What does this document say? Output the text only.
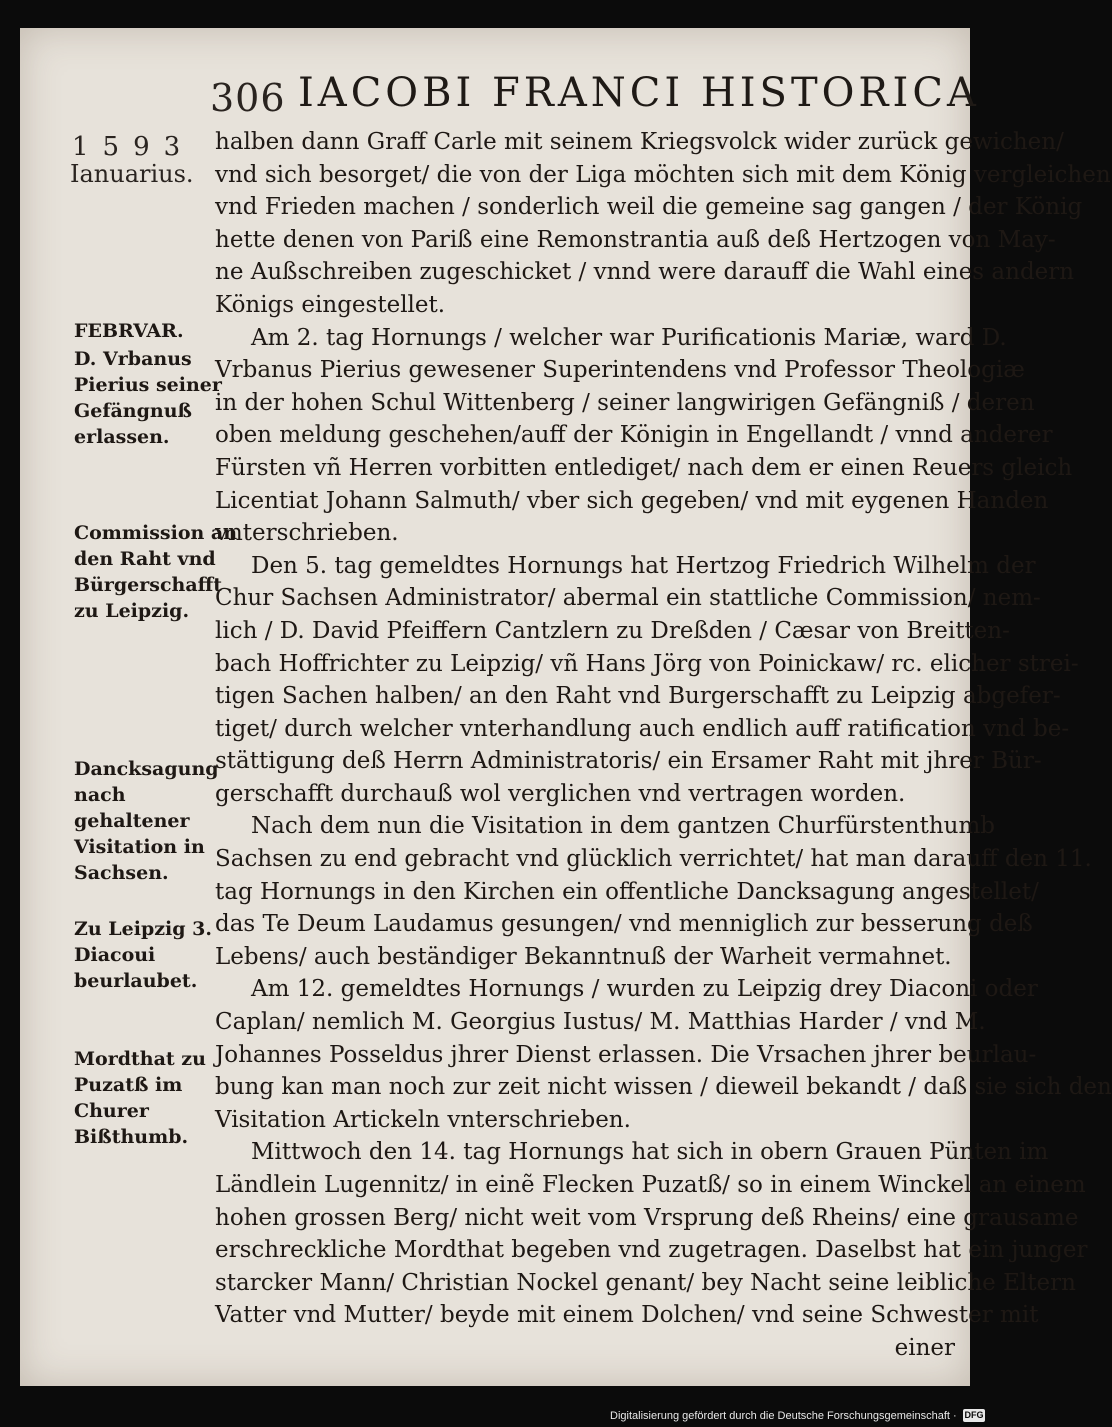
306 IACOBI FRANCI HISTORICA
1593
Ianuarius.
FEBRVAR.
D. Vrbanus Pierius seiner Gefängnuß erlassen.
Commission an den Raht vnd Bürgerschafft zu Leipzig.
Dancksagung nach gehaltener Visitation in Sachsen.
Zu Leipzig 3. Diacoui beurlaubet.
Mordthat zu Puzatß im Churer Bißthumb.
halben dann Graff Carle mit seinem Kriegsvolck wider zurück gewichen/
vnd sich besorget/ die von der Liga möchten sich mit dem König vergleichen
vnd Frieden machen / sonderlich weil die gemeine sag gangen / der König
hette denen von Pariß eine Remonstrantia auß deß Hertzogen von May-
ne Außschreiben zugeschicket / vnnd were darauff die Wahl eines andern
Königs eingestellet.
Am 2. tag Hornungs / welcher war Purificationis Mariæ, ward D.
Vrbanus Pierius gewesener Superintendens vnd Professor Theologiæ
in der hohen Schul Wittenberg / seiner langwirigen Gefängniß / deren
oben meldung geschehen/auff der Königin in Engellandt / vnnd anderer
Fürsten vñ Herren vorbitten entlediget/ nach dem er einen Reuers gleich
Licentiat Johann Salmuth/ vber sich gegeben/ vnd mit eygenen Handen
vnterschrieben.
Den 5. tag gemeldtes Hornungs hat Hertzog Friedrich Wilhelm der
Chur Sachsen Administrator/ abermal ein stattliche Commission/ nem-
lich / D. David Pfeiffern Cantzlern zu Dreßden / Cæsar von Breitten-
bach Hoffrichter zu Leipzig/ vñ Hans Jörg von Poinickaw/ rc. elicher strei-
tigen Sachen halben/ an den Raht vnd Burgerschafft zu Leipzig abgefer-
tiget/ durch welcher vnterhandlung auch endlich auff ratification vnd be-
stättigung deß Herrn Administratoris/ ein Ersamer Raht mit jhrer Bür-
gerschafft durchauß wol verglichen vnd vertragen worden.
Nach dem nun die Visitation in dem gantzen Churfürstenthumb
Sachsen zu end gebracht vnd glücklich verrichtet/ hat man darauff den 11.
tag Hornungs in den Kirchen ein offentliche Dancksagung angestellet/
das Te Deum Laudamus gesungen/ vnd menniglich zur besserung deß
Lebens/ auch beständiger Bekanntnuß der Warheit vermahnet.
Am 12. gemeldtes Hornungs / wurden zu Leipzig drey Diaconi oder
Caplan/ nemlich M. Georgius Iustus/ M. Matthias Harder / vnd M.
Johannes Posseldus jhrer Dienst erlassen. Die Vrsachen jhrer beurlau-
bung kan man noch zur zeit nicht wissen / dieweil bekandt / daß sie sich den
Visitation Artickeln vnterschrieben.
Mittwoch den 14. tag Hornungs hat sich in obern Grauen Pünten im
Ländlein Lugennitz/ in einẽ Flecken Puzatß/ so in einem Winckel an einem
hohen grossen Berg/ nicht weit vom Vrsprung deß Rheins/ eine grausame
erschreckliche Mordthat begeben vnd zugetragen. Daselbst hat ein junger
starcker Mann/ Christian Nockel genant/ bey Nacht seine leibliche Eltern
Vatter vnd Mutter/ beyde mit einem Dolchen/ vnd seine Schwester mit
einer
Digitalisierung gefördert durch die Deutsche Forschungsgemeinschaft · DFG
